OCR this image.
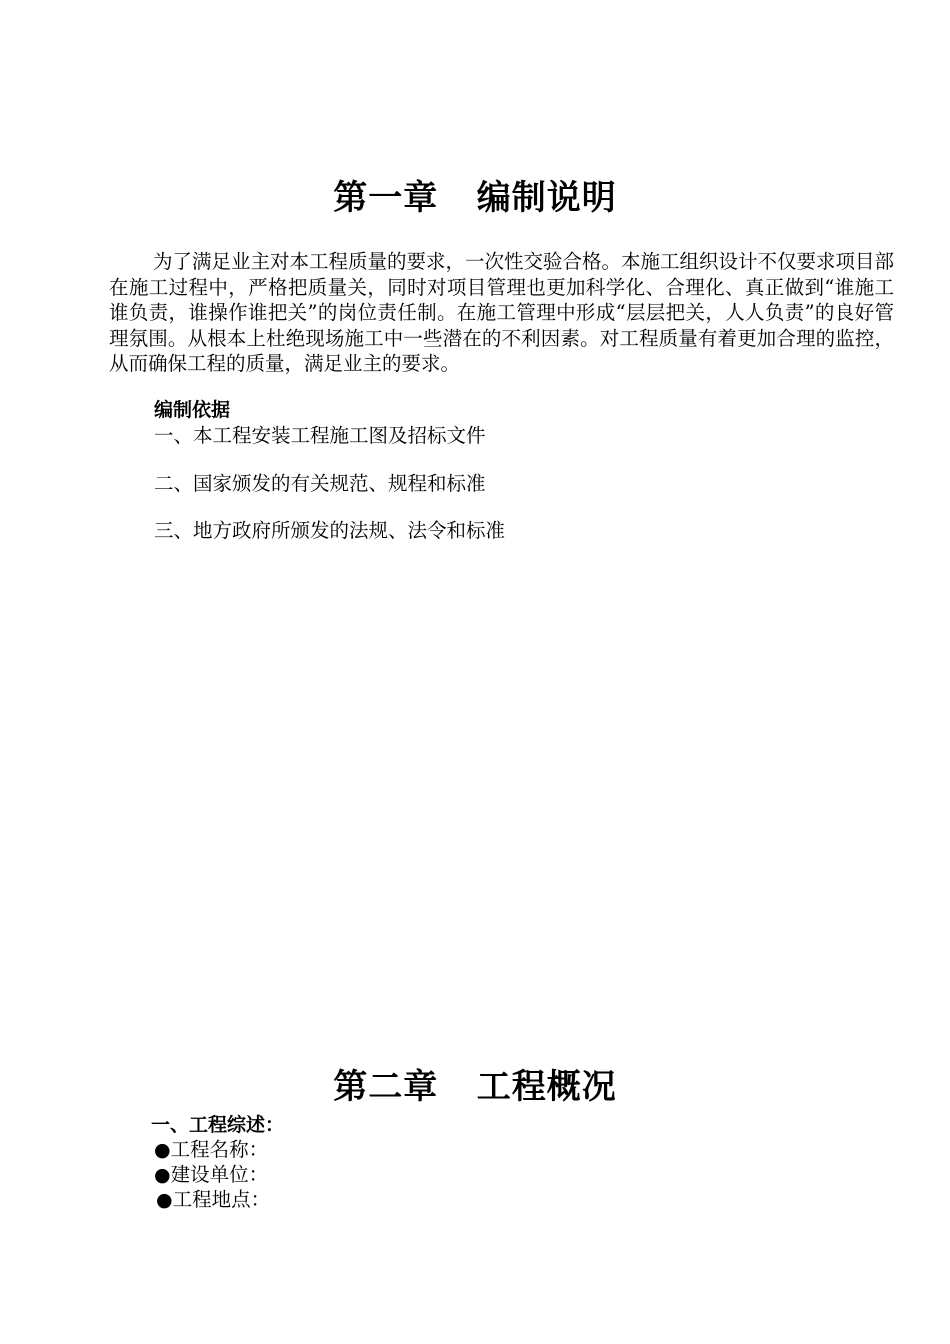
第一章   编制说明
为了满足业主对本工程质量的要求，一次性交验合格。本施工组织设计不仅要求项目部在施工过程中，严格把质量关，同时对项目管理也更加科学化、合理化、真正做到“谁施工谁负责，谁操作谁把关”的岗位责任制。在施工管理中形成“层层把关，人人负责”的良好管理氛围。从根本上杜绝现场施工中一些潜在的不利因素。对工程质量有着更加合理的监控，从而确保工程的质量，满足业主的要求。
编制依据
一、本工程安装工程施工图及招标文件
二、国家颁发的有关规范、规程和标准
三、地方政府所颁发的法规、法令和标准
第二章   工程概况
一、工程综述：
●工程名称：
●建设单位：
●工程地点：
